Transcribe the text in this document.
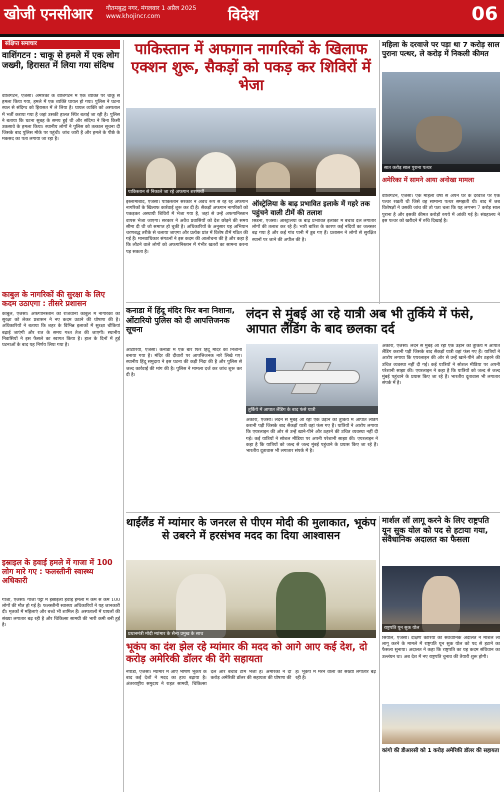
खोजी एनसीआर गौतमबुद्ध नगर, मंगलवार 1 अप्रैल 2025
www.khojincr.com	विदेश	06
संक्षिप्त समाचार
वाशिंगटन : चाकू से हमले में एक लोग जख्मी, हिरासत में लिया गया संदिग्ध
वाशिंगटन, एजेंसी। अमेरिका के वाशिंगटन में एक व्यक्ति पर चाकू से हमला किया गया, हमले में एक व्यक्ति घायल हो गया। पुलिस ने घटना स्थल से संदिग्ध को हिरासत में ले लिया है। घायल व्यक्ति को अस्पताल में भर्ती कराया गया है जहां उसकी हालत स्थिर बताई जा रही है। पुलिस ने बताया कि घटना सुबह के समय हुई थी और संदिग्ध ने बिना किसी उकसावे के हमला किया। स्थानीय लोगों ने पुलिस को तत्काल सूचना दी जिसके बाद पुलिस मौके पर पहुंची। जांच जारी है और हमले के पीछे के मकसद का पता लगाया जा रहा है।
काबुल के नागरिकों की सुरक्षा के लिए कदम उठाएगा : तीसरे प्रशासन
काबुल, एजेंसी। अफगानिस्तान की राजधानी काबुल में नागरिकों की सुरक्षा को लेकर प्रशासन ने नए कदम उठाने की घोषणा की है। अधिकारियों ने बताया कि शहर के विभिन्न इलाकों में सुरक्षा चौकियां बढ़ाई जाएंगी और रात के समय गश्त तेज की जाएगी। स्थानीय निवासियों ने इस फैसले का स्वागत किया है। हाल के दिनों में हुई घटनाओं के बाद यह निर्णय लिया गया है।
इस्राइल के हवाई हमले में गाजा में 100 लोग मारे गए : फलस्तीनी स्वास्थ्य अधिकारी
गाजा, एजेंसी। गाजा पट्टी में इस्राइली हवाई हमलों में कम से कम 100 लोगों की मौत हो गई है। फलस्तीनी स्वास्थ्य अधिकारियों ने यह जानकारी दी। मृतकों में महिलाएं और बच्चे भी शामिल हैं। अस्पतालों में घायलों की संख्या लगातार बढ़ रही है और चिकित्सा सामग्री की भारी कमी बनी हुई है।
पाकिस्तान में अफगान नागरिकों के खिलाफ एक्शन शुरू, सैकड़ों को पकड़ कर शिविरों में भेजा
पाकिस्तान से निकाले जा रहे अफगान शरणार्थी
इस्लामाबाद, एजेंसी। पाकिस्तान सरकार ने अवैध रूप से रह रहे अफगान नागरिकों के खिलाफ कार्रवाई शुरू कर दी है। सैकड़ों अफगान नागरिकों को पकड़कर अस्थायी शिविरों में भेजा गया है, जहां से उन्हें अफगानिस्तान वापस भेजा जाएगा। सरकार ने अवैध प्रवासियों को देश छोड़ने की समय सीमा दी थी जो समाप्त हो चुकी है। अधिकारियों के अनुसार यह अभियान चरणबद्ध तरीके से चलाया जाएगा और प्रत्येक प्रांत में विशेष टीमें गठित की गई हैं। मानवाधिकार संगठनों ने इस कदम की आलोचना की है और कहा है कि लौटने वाले लोगों को अफगानिस्तान में गंभीर खतरों का सामना करना पड़ सकता है।
ऑस्ट्रेलिया के बाढ़ प्रभावित इलाके में गहरे तक पहुंचने वाली टीमें की तलाश
सिडनी, एजेंसी। ऑस्ट्रेलिया के बाढ़ प्रभावित इलाकों में बचाव दल लगातार लोगों की तलाश कर रहे हैं। भारी बारिश के कारण कई नदियों का जलस्तर बढ़ गया है और कई गांव पानी में डूब गए हैं। प्रशासन ने लोगों से सुरक्षित स्थानों पर जाने की अपील की है।
महिला के दरवाजे पर पड़ा था 7 करोड़ साल पुराना पत्थर, ले करोड़ में निकली कीमत
सात करोड़ साल पुराना पत्थर
अमेरिका में सामने आया अनोखा मामला
वाशिंगटन, एजेंसी। एक महिला वर्षों से अपने घर के दरवाजे पर एक पत्थर रखती थी जिसे वह सामान्य पत्थर समझती थी। बाद में जब विशेषज्ञों ने उसकी जांच की तो पता चला कि यह लगभग 7 करोड़ साल पुराना है और इसकी कीमत करोड़ों रुपये में आंकी गई है। संग्रहालय ने इस पत्थर को खरीदने में रुचि दिखाई है।
कनाडा में हिंदू मंदिर फिर बना निशाना, ओंटारियो पुलिस को दी आपत्तिजनक सूचना
ओंटारियो, एजेंसी। कनाडा में एक बार फिर हिंदू मंदिर को निशाना बनाया गया है। मंदिर की दीवारों पर आपत्तिजनक नारे लिखे गए। स्थानीय हिंदू समुदाय ने इस घटना की कड़ी निंदा की है और पुलिस से जल्द कार्रवाई की मांग की है। पुलिस ने मामला दर्ज कर जांच शुरू कर दी है।
लंदन से मुंबई आ रहे यात्री अब भी तुर्किये में फंसे, आपात लैंडिंग के बाद छलका दर्द
तुर्किये में आपात लैंडिंग के बाद फंसे यात्री
अंकारा, एजेंसी। लंदन से मुंबई आ रही एक उड़ान की तुर्किये में आपात लैंडिंग करानी पड़ी जिसके बाद सैकड़ों यात्री वहां फंस गए हैं। यात्रियों ने आरोप लगाया कि एयरलाइन की ओर से उन्हें खाने-पीने और ठहरने की उचित व्यवस्था नहीं दी गई। कई यात्रियों ने सोशल मीडिया पर अपनी परेशानी साझा की। एयरलाइन ने कहा है कि यात्रियों को जल्द से जल्द मुंबई पहुंचाने के प्रयास किए जा रहे हैं। भारतीय दूतावास भी लगातार संपर्क में है।
अंकारा, एजेंसी। लंदन से मुंबई आ रही एक उड़ान की तुर्किये में आपात लैंडिंग करानी पड़ी जिसके बाद सैकड़ों यात्री वहां फंस गए हैं। यात्रियों ने आरोप लगाया कि एयरलाइन की ओर से उन्हें खाने-पीने और ठहरने की उचित व्यवस्था नहीं दी गई। कई यात्रियों ने सोशल मीडिया पर अपनी परेशानी साझा की। एयरलाइन ने कहा है कि यात्रियों को जल्द से जल्द मुंबई पहुंचाने के प्रयास किए जा रहे हैं। भारतीय दूतावास भी लगातार संपर्क में है।
थाईलैंड में म्यांमार के जनरल से पीएम मोदी की मुलाकात, भूकंप से उबरने में हरसंभव मदद का दिया आश्वासन
प्रधानमंत्री मोदी म्यांमार के सैन्य प्रमुख के साथ
मार्शल लॉ लागू करने के लिए राष्ट्रपति यून सुक योल को पद से हटाया गया, संवैधानिक अदालत का फैसला
राष्ट्रपति यून सुक योल
सियोल, एजेंसी। दक्षिण कोरिया की संवैधानिक अदालत ने मार्शल लॉ लागू करने के मामले में राष्ट्रपति यून सुक योल को पद से हटाने का फैसला सुनाया। अदालत ने कहा कि राष्ट्रपति का यह कदम संविधान का उल्लंघन था। अब देश में नए राष्ट्रपति चुनाव की तैयारी शुरू होगी।
भूकंप का दंश झेल रहे म्यांमार की मदद को आगे आए कई देश, दो करोड़ अमेरिकी डॉलर की देंगे सहायता
नेपीडॉ, एजेंसी। म्यांमार में आए भीषण भूकंप के बाद कई देशों ने मदद का हाथ बढ़ाया है। अंतरराष्ट्रीय समुदाय ने राहत सामग्री, चिकित्सा दल और बचाव टीमें भेजी हैं। अमेरिका ने दो करोड़ अमेरिकी डॉलर की सहायता की घोषणा की है। भूकंप में मरने वालों की संख्या लगातार बढ़ रही है।
कांगो की डीआरसी को 1 करोड़ अमेरिकी डॉलर की सहायता
